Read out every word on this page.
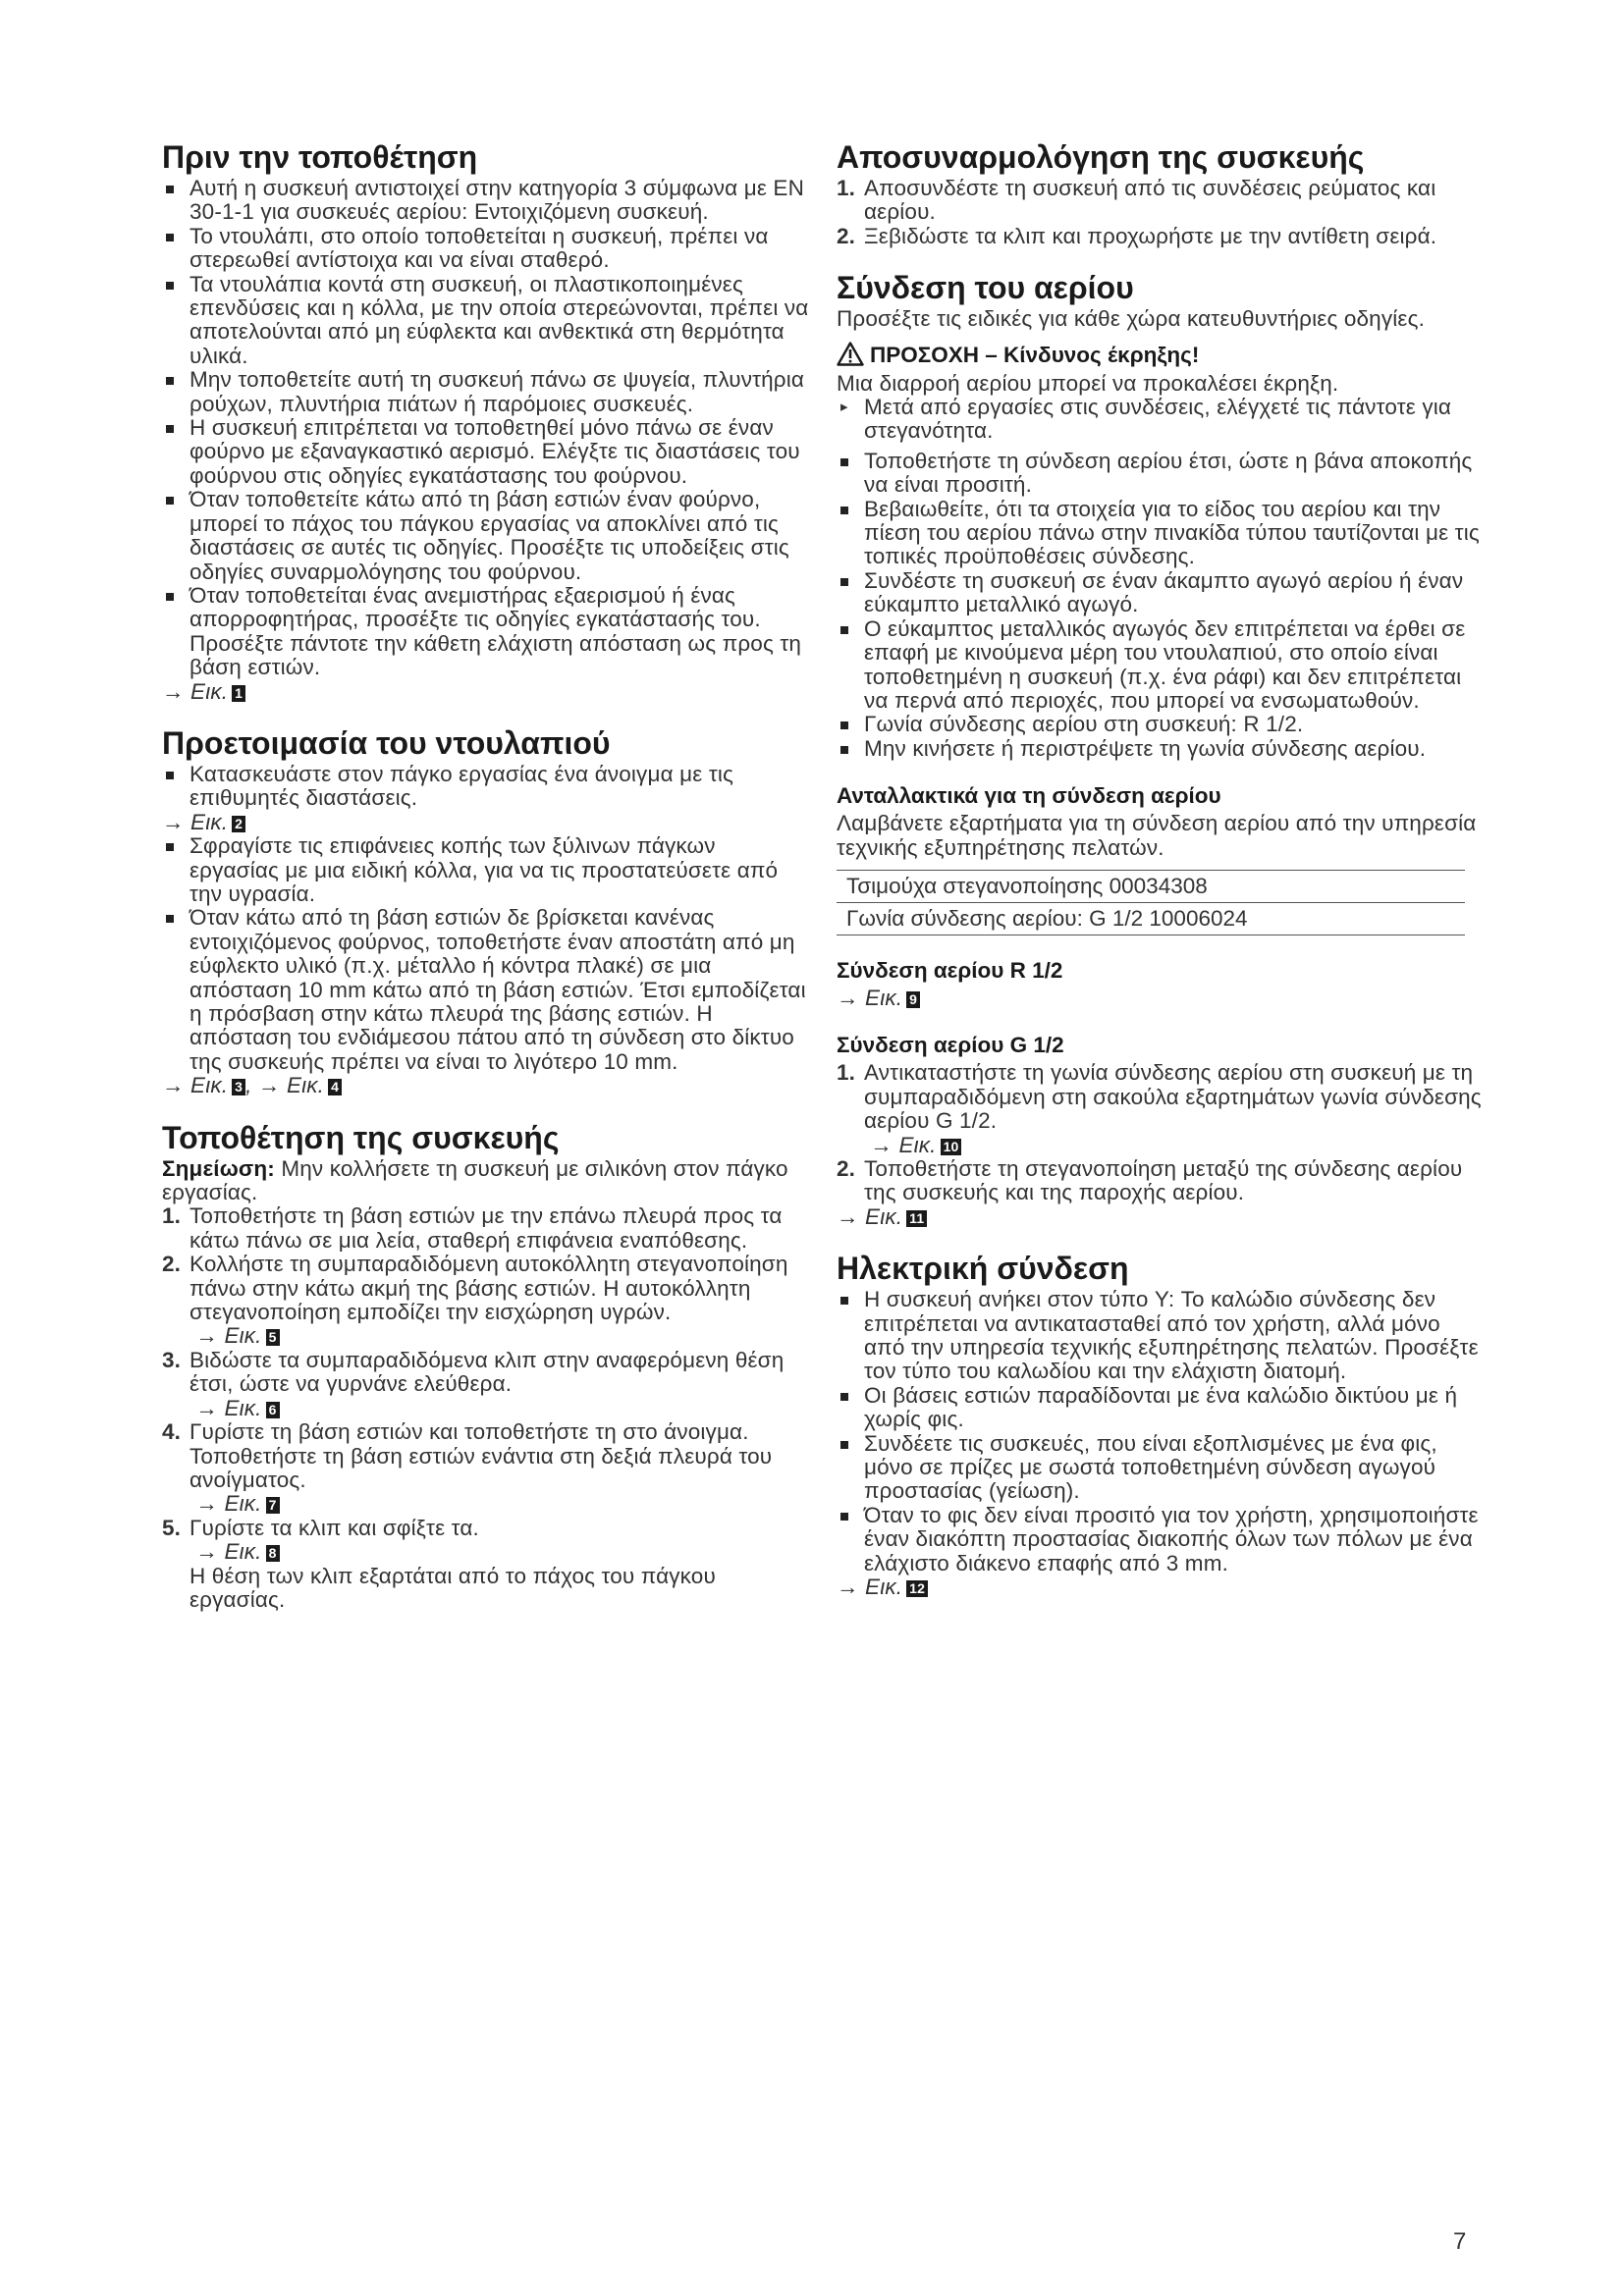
Πριν την τοποθέτηση
Αυτή η συσκευή αντιστοιχεί στην κατηγορία 3 σύμφωνα με EN 30-1-1 για συσκευές αερίου: Εντοιχιζόμενη συσκευή.
Το ντουλάπι, στο οποίο τοποθετείται η συσκευή, πρέπει να στερεωθεί αντίστοιχα και να είναι σταθερό.
Τα ντουλάπια κοντά στη συσκευή, οι πλαστικοποιημένες επενδύσεις και η κόλλα, με την οποία στερεώνονται, πρέπει να αποτελούνται από μη εύφλεκτα και ανθεκτικά στη θερμότητα υλικά.
Μην τοποθετείτε αυτή τη συσκευή πάνω σε ψυγεία, πλυντήρια ρούχων, πλυντήρια πιάτων ή παρόμοιες συσκευές.
Η συσκευή επιτρέπεται να τοποθετηθεί μόνο πάνω σε έναν φούρνο με εξαναγκαστικό αερισμό. Ελέγξτε τις διαστάσεις του φούρνου στις οδηγίες εγκατάστασης του φούρνου.
Όταν τοποθετείτε κάτω από τη βάση εστιών έναν φούρνο, μπορεί το πάχος του πάγκου εργασίας να αποκλίνει από τις διαστάσεις σε αυτές τις οδηγίες. Προσέξτε τις υποδείξεις στις οδηγίες συναρμολόγησης του φούρνου.
Όταν τοποθετείται ένας ανεμιστήρας εξαερισμού ή ένας απορροφητήρας, προσέξτε τις οδηγίες εγκατάστασής του. Προσέξτε πάντοτε την κάθετη ελάχιστη απόσταση ως προς τη βάση εστιών.
→ Εικ. 1
Προετοιμασία του ντουλαπιού
Κατασκευάστε στον πάγκο εργασίας ένα άνοιγμα με τις επιθυμητές διαστάσεις.
→ Εικ. 2
Σφραγίστε τις επιφάνειες κοπής των ξύλινων πάγκων εργασίας με μια ειδική κόλλα, για να τις προστατεύσετε από την υγρασία.
Όταν κάτω από τη βάση εστιών δε βρίσκεται κανένας εντοιχιζόμενος φούρνος, τοποθετήστε έναν αποστάτη από μη εύφλεκτο υλικό (π.χ. μέταλλο ή κόντρα πλακέ) σε μια απόσταση 10 mm κάτω από τη βάση εστιών. Έτσι εμποδίζεται η πρόσβαση στην κάτω πλευρά της βάσης εστιών. Η απόσταση του ενδιάμεσου πάτου από τη σύνδεση στο δίκτυο της συσκευής πρέπει να είναι το λιγότερο 10 mm.
→ Εικ. 3 , → Εικ. 4
Τοποθέτηση της συσκευής
Σημείωση: Μην κολλήσετε τη συσκευή με σιλικόνη στον πάγκο εργασίας.
1. Τοποθετήστε τη βάση εστιών με την επάνω πλευρά προς τα κάτω πάνω σε μια λεία, σταθερή επιφάνεια εναπόθεσης.
2. Κολλήστε τη συμπαραδιδόμενη αυτοκόλλητη στεγανοποίηση πάνω στην κάτω ακμή της βάσης εστιών. Η αυτοκόλλητη στεγανοποίηση εμποδίζει την εισχώρηση υγρών.
→ Εικ. 5
3. Βιδώστε τα συμπαραδιδόμενα κλιπ στην αναφερόμενη θέση έτσι, ώστε να γυρνάνε ελεύθερα.
→ Εικ. 6
4. Γυρίστε τη βάση εστιών και τοποθετήστε τη στο άνοιγμα. Τοποθετήστε τη βάση εστιών ενάντια στη δεξιά πλευρά του ανοίγματος.
→ Εικ. 7
5. Γυρίστε τα κλιπ και σφίξτε τα.
→ Εικ. 8
Η θέση των κλιπ εξαρτάται από το πάχος του πάγκου εργασίας.
Αποσυναρμολόγηση της συσκευής
1. Αποσυνδέστε τη συσκευή από τις συνδέσεις ρεύματος και αερίου.
2. Ξεβιδώστε τα κλιπ και προχωρήστε με την αντίθετη σειρά.
Σύνδεση του αερίου
Προσέξτε τις ειδικές για κάθε χώρα κατευθυντήριες οδηγίες.
ΠΡΟΣΟΧΗ – Κίνδυνος έκρηξης!
Μια διαρροή αερίου μπορεί να προκαλέσει έκρηξη.
▸ Μετά από εργασίες στις συνδέσεις, ελέγχετέ τις πάντοτε για στεγανότητα.
Τοποθετήστε τη σύνδεση αερίου έτσι, ώστε η βάνα αποκοπής να είναι προσιτή.
Βεβαιωθείτε, ότι τα στοιχεία για το είδος του αερίου και την πίεση του αερίου πάνω στην πινακίδα τύπου ταυτίζονται με τις τοπικές προϋποθέσεις σύνδεσης.
Συνδέστε τη συσκευή σε έναν άκαμπτο αγωγό αερίου ή έναν εύκαμπτο μεταλλικό αγωγό.
Ο εύκαμπτος μεταλλικός αγωγός δεν επιτρέπεται να έρθει σε επαφή με κινούμενα μέρη του ντουλαπιού, στο οποίο είναι τοποθετημένη η συσκευή (π.χ. ένα ράφι) και δεν επιτρέπεται να περνά από περιοχές, που μπορεί να ενσωματωθούν.
Γωνία σύνδεσης αερίου στη συσκευή: R 1/2.
Μην κινήσετε ή περιστρέψετε τη γωνία σύνδεσης αερίου.
Ανταλλακτικά για τη σύνδεση αερίου
Λαμβάνετε εξαρτήματα για τη σύνδεση αερίου από την υπηρεσία τεχνικής εξυπηρέτησης πελατών.
Τσιμούχα στεγανοποίησης 00034308
Γωνία σύνδεσης αερίου: G 1/2 10006024
Σύνδεση αερίου R 1/2
→ Εικ. 9
Σύνδεση αερίου G 1/2
1. Αντικαταστήστε τη γωνία σύνδεσης αερίου στη συσκευή με τη συμπαραδιδόμενη στη σακούλα εξαρτημάτων γωνία σύνδεσης αερίου G 1/2.
→ Εικ. 10
2. Τοποθετήστε τη στεγανοποίηση μεταξύ της σύνδεσης αερίου της συσκευής και της παροχής αερίου.
→ Εικ. 11
Ηλεκτρική σύνδεση
Η συσκευή ανήκει στον τύπο Y: Το καλώδιο σύνδεσης δεν επιτρέπεται να αντικατασταθεί από τον χρήστη, αλλά μόνο από την υπηρεσία τεχνικής εξυπηρέτησης πελατών. Προσέξτε τον τύπο του καλωδίου και την ελάχιστη διατομή.
Οι βάσεις εστιών παραδίδονται με ένα καλώδιο δικτύου με ή χωρίς φις.
Συνδέετε τις συσκευές, που είναι εξοπλισμένες με ένα φις, μόνο σε πρίζες με σωστά τοποθετημένη σύνδεση αγωγού προστασίας (γείωση).
Όταν το φις δεν είναι προσιτό για τον χρήστη, χρησιμοποιήστε έναν διακόπτη προστασίας διακοπής όλων των πόλων με ένα ελάχιστο διάκενο επαφής από 3 mm.
→ Εικ. 12
7
